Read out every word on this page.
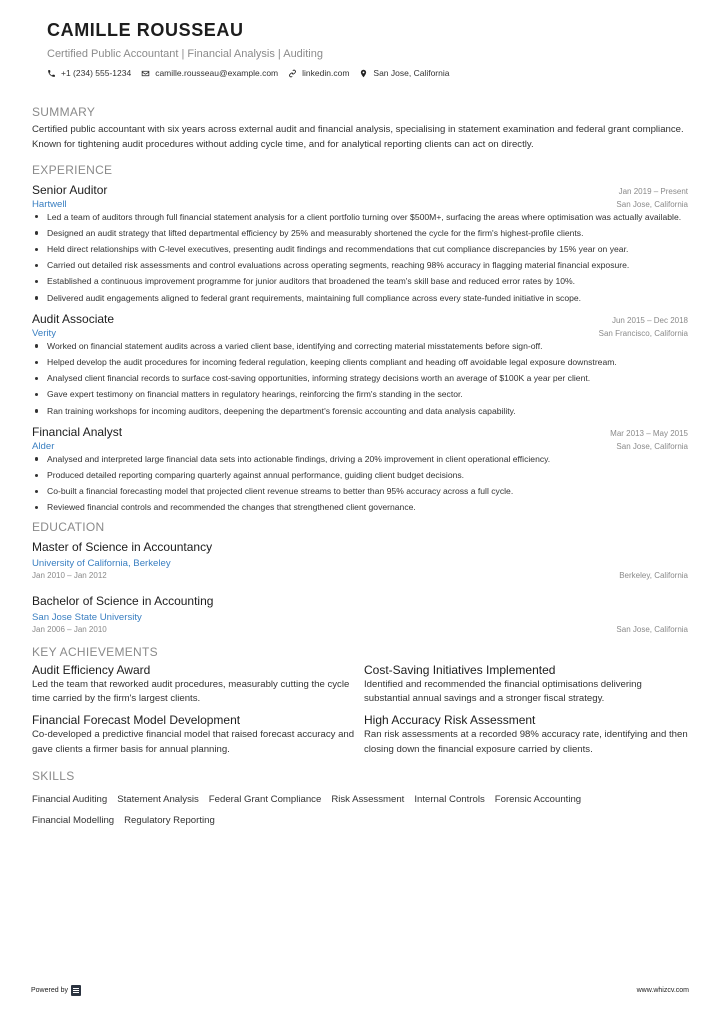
CAMILLE ROUSSEAU
Certified Public Accountant | Financial Analysis | Auditing
+1 (234) 555-1234	camille.rousseau@example.com	linkedin.com	San Jose, California
SUMMARY
Certified public accountant with six years across external audit and financial analysis, specialising in statement examination and federal grant compliance. Known for tightening audit procedures without adding cycle time, and for analytical reporting clients can act on directly.
EXPERIENCE
Senior Auditor	Jan 2019 – Present
Hartwell	San Jose, California
Led a team of auditors through full financial statement analysis for a client portfolio turning over $500M+, surfacing the areas where optimisation was actually available.
Designed an audit strategy that lifted departmental efficiency by 25% and measurably shortened the cycle for the firm's highest-profile clients.
Held direct relationships with C-level executives, presenting audit findings and recommendations that cut compliance discrepancies by 15% year on year.
Carried out detailed risk assessments and control evaluations across operating segments, reaching 98% accuracy in flagging material financial exposure.
Established a continuous improvement programme for junior auditors that broadened the team's skill base and reduced error rates by 10%.
Delivered audit engagements aligned to federal grant requirements, maintaining full compliance across every state-funded initiative in scope.
Audit Associate	Jun 2015 – Dec 2018
Verity	San Francisco, California
Worked on financial statement audits across a varied client base, identifying and correcting material misstatements before sign-off.
Helped develop the audit procedures for incoming federal regulation, keeping clients compliant and heading off avoidable legal exposure downstream.
Analysed client financial records to surface cost-saving opportunities, informing strategy decisions worth an average of $100K a year per client.
Gave expert testimony on financial matters in regulatory hearings, reinforcing the firm's standing in the sector.
Ran training workshops for incoming auditors, deepening the department's forensic accounting and data analysis capability.
Financial Analyst	Mar 2013 – May 2015
Alder	San Jose, California
Analysed and interpreted large financial data sets into actionable findings, driving a 20% improvement in client operational efficiency.
Produced detailed reporting comparing quarterly against annual performance, guiding client budget decisions.
Co-built a financial forecasting model that projected client revenue streams to better than 95% accuracy across a full cycle.
Reviewed financial controls and recommended the changes that strengthened client governance.
EDUCATION
Master of Science in Accountancy
University of California, Berkeley
Jan 2010 – Jan 2012	Berkeley, California
Bachelor of Science in Accounting
San Jose State University
Jan 2006 – Jan 2010	San Jose, California
KEY ACHIEVEMENTS
Audit Efficiency Award
Led the team that reworked audit procedures, measurably cutting the cycle time carried by the firm's largest clients.
Cost-Saving Initiatives Implemented
Identified and recommended the financial optimisations delivering substantial annual savings and a stronger fiscal strategy.
Financial Forecast Model Development
Co-developed a predictive financial model that raised forecast accuracy and gave clients a firmer basis for annual planning.
High Accuracy Risk Assessment
Ran risk assessments at a recorded 98% accuracy rate, identifying and then closing down the financial exposure carried by clients.
SKILLS
Financial Auditing Statement Analysis Federal Grant Compliance Risk Assessment Internal Controls Forensic Accounting
Financial Modelling Regulatory Reporting
Powered by	www.whizcv.com
